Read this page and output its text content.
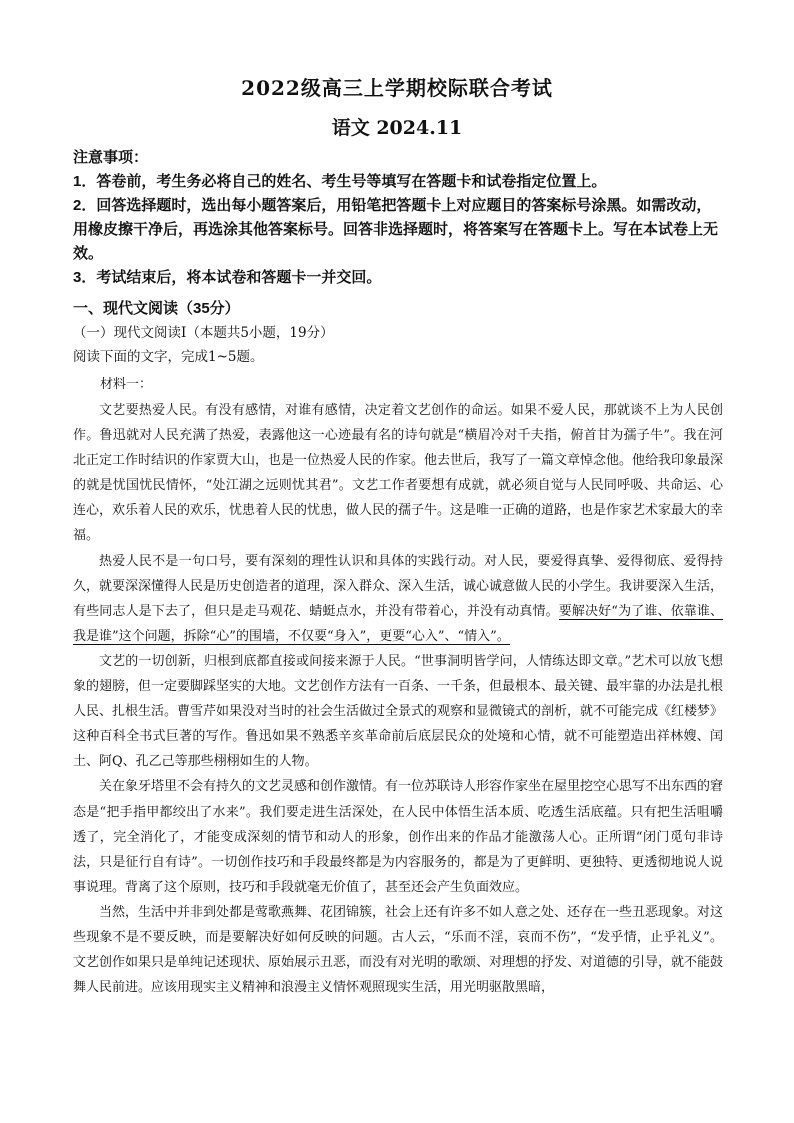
2022级高三上学期校际联合考试
语文 2024.11

注意事项：

1．答卷前，考生务必将自己的姓名、考生号等填写在答题卡和试卷指定位置上。

2．回答选择题时，选出每小题答案后，用铅笔把答题卡上对应题目的答案标号涂黑。如需改动，用橡皮擦干净后，再选涂其他答案标号。回答非选择题时，将答案写在答题卡上。写在本试卷上无效。

3．考试结束后，将本试卷和答题卡一并交回。

一、现代文阅读（35分）
（一）现代文阅读Ⅰ（本题共5小题，19分）
阅读下面的文字，完成1~5题。
材料一：

文艺要热爱人民。有没有感情，对谁有感情，决定着文艺创作的命运。如果不爱人民，那就谈不上为人民创作。鲁迅就对人民充满了热爱，表露他这一心迹最有名的诗句就是“横眉冷对千夫指，俯首甘为孺子牛”。我在河北正定工作时结识的作家贾大山，也是一位热爱人民的作家。他去世后，我写了一篇文章悼念他。他给我印象最深的就是忧国忧民情怀，“处江湖之远则忧其君”。文艺工作者要想有成就，就必须自觉与人民同呼吸、共命运、心连心，欢乐着人民的欢乐，忧患着人民的忧患，做人民的孺子牛。这是唯一正确的道路，也是作家艺术家最大的幸福。

热爱人民不是一句口号，要有深刻的理性认识和具体的实践行动。对人民，要爱得真挚、爱得彻底、爱得持久，就要深深懂得人民是历史创造者的道理，深入群众、深入生活，诚心诚意做人民的小学生。我讲要深入生活，有些同志人是下去了，但只是走马观花、蜻蜓点水，并没有带着心，并没有动真情。要解决好“为了谁、依靠谁、我是谁”这个问题，拆除“心”的围墙，不仅要“身入”，更要“心入”、“情入”。

文艺的一切创新，归根到底都直接或间接来源于人民。“世事洞明皆学问，人情练达即文章。”艺术可以放飞想象的翅膀，但一定要脚踩坚实的大地。文艺创作方法有一百条、一千条，但最根本、最关键、最牢靠的办法是扎根人民、扎根生活。曹雪芹如果没对当时的社会生活做过全景式的观察和显微镜式的剖析，就不可能完成《红楼梦》这种百科全书式巨著的写作。鲁迅如果不熟悉辛亥革命前后底层民众的处境和心情，就不可能塑造出祥林嫂、闰土、阿Q、孔乙己等那些栩栩如生的人物。

关在象牙塔里不会有持久的文艺灵感和创作激情。有一位苏联诗人形容作家坐在屋里挖空心思写不出东西的窘态是“把手指甲都绞出了水来”。我们要走进生活深处，在人民中体悟生活本质、吃透生活底蕴。只有把生活咀嚼透了，完全消化了，才能变成深刻的情节和动人的形象，创作出来的作品才能激荡人心。正所谓“闭门觅句非诗法，只是征行自有诗”。一切创作技巧和手段最终都是为内容服务的，都是为了更鲜明、更独特、更透彻地说人说事说理。背离了这个原则，技巧和手段就毫无价值了，甚至还会产生负面效应。

当然，生活中并非到处都是莺歌燕舞、花团锦簇，社会上还有许多不如人意之处、还存在一些丑恶现象。对这些现象不是不要反映，而是要解决好如何反映的问题。古人云，“乐而不淫，哀而不伤”，“发乎情，止乎礼义”。文艺创作如果只是单纯记述现状、原始展示丑恶，而没有对光明的歌颂、对理想的抒发、对道德的引导，就不能鼓舞人民前进。应该用现实主义精神和浪漫主义情怀观照现实生活，用光明驱散黑暗，
